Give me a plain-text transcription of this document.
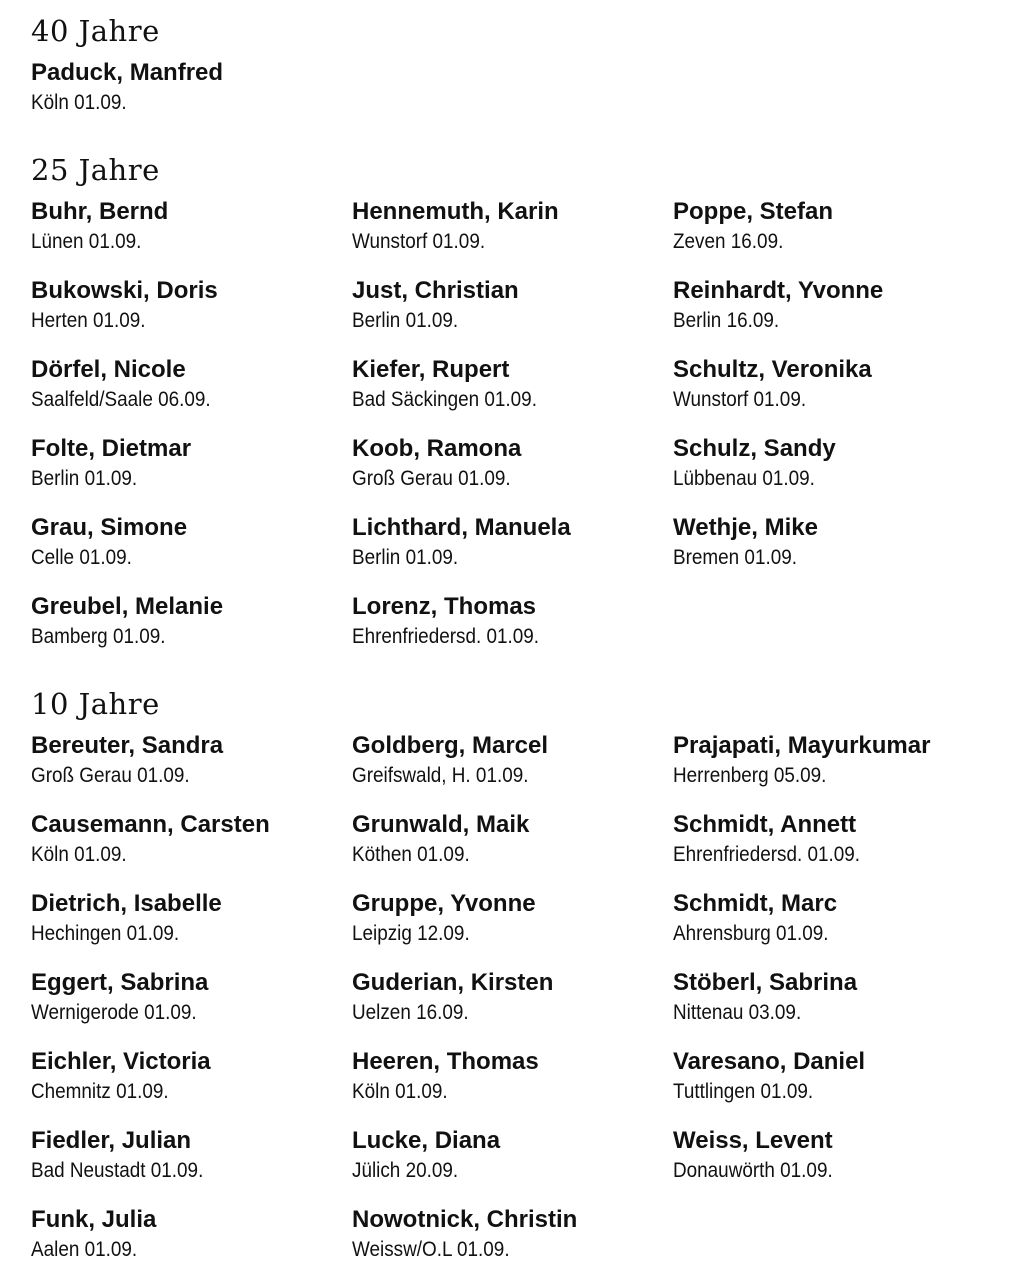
40 Jahre
Paduck, Manfred
Köln 01.09.
25 Jahre
Buhr, Bernd
Lünen 01.09.
Hennemuth, Karin
Wunstorf 01.09.
Poppe, Stefan
Zeven 16.09.
Bukowski, Doris
Herten 01.09.
Just, Christian
Berlin 01.09.
Reinhardt, Yvonne
Berlin 16.09.
Dörfel, Nicole
Saalfeld/Saale 06.09.
Kiefer, Rupert
Bad Säckingen 01.09.
Schultz, Veronika
Wunstorf 01.09.
Folte, Dietmar
Berlin 01.09.
Koob, Ramona
Groß Gerau 01.09.
Schulz, Sandy
Lübbenau 01.09.
Grau, Simone
Celle 01.09.
Lichthard, Manuela
Berlin 01.09.
Wethje, Mike
Bremen 01.09.
Greubel, Melanie
Bamberg 01.09.
Lorenz, Thomas
Ehrenfriedersd. 01.09.
10 Jahre
Bereuter, Sandra
Groß Gerau 01.09.
Goldberg, Marcel
Greifswald, H. 01.09.
Prajapati, Mayurkumar
Herrenberg 05.09.
Causemann, Carsten
Köln 01.09.
Grunwald, Maik
Köthen 01.09.
Schmidt, Annett
Ehrenfriedersd. 01.09.
Dietrich, Isabelle
Hechingen 01.09.
Gruppe, Yvonne
Leipzig 12.09.
Schmidt, Marc
Ahrensburg 01.09.
Eggert, Sabrina
Wernigerode 01.09.
Guderian, Kirsten
Uelzen 16.09.
Stöberl, Sabrina
Nittenau 03.09.
Eichler, Victoria
Chemnitz 01.09.
Heeren, Thomas
Köln 01.09.
Varesano, Daniel
Tuttlingen 01.09.
Fiedler, Julian
Bad Neustadt 01.09.
Lucke, Diana
Jülich 20.09.
Weiss, Levent
Donauwörth 01.09.
Funk, Julia
Aalen 01.09.
Nowotnick, Christin
Weissw/O.L 01.09.
